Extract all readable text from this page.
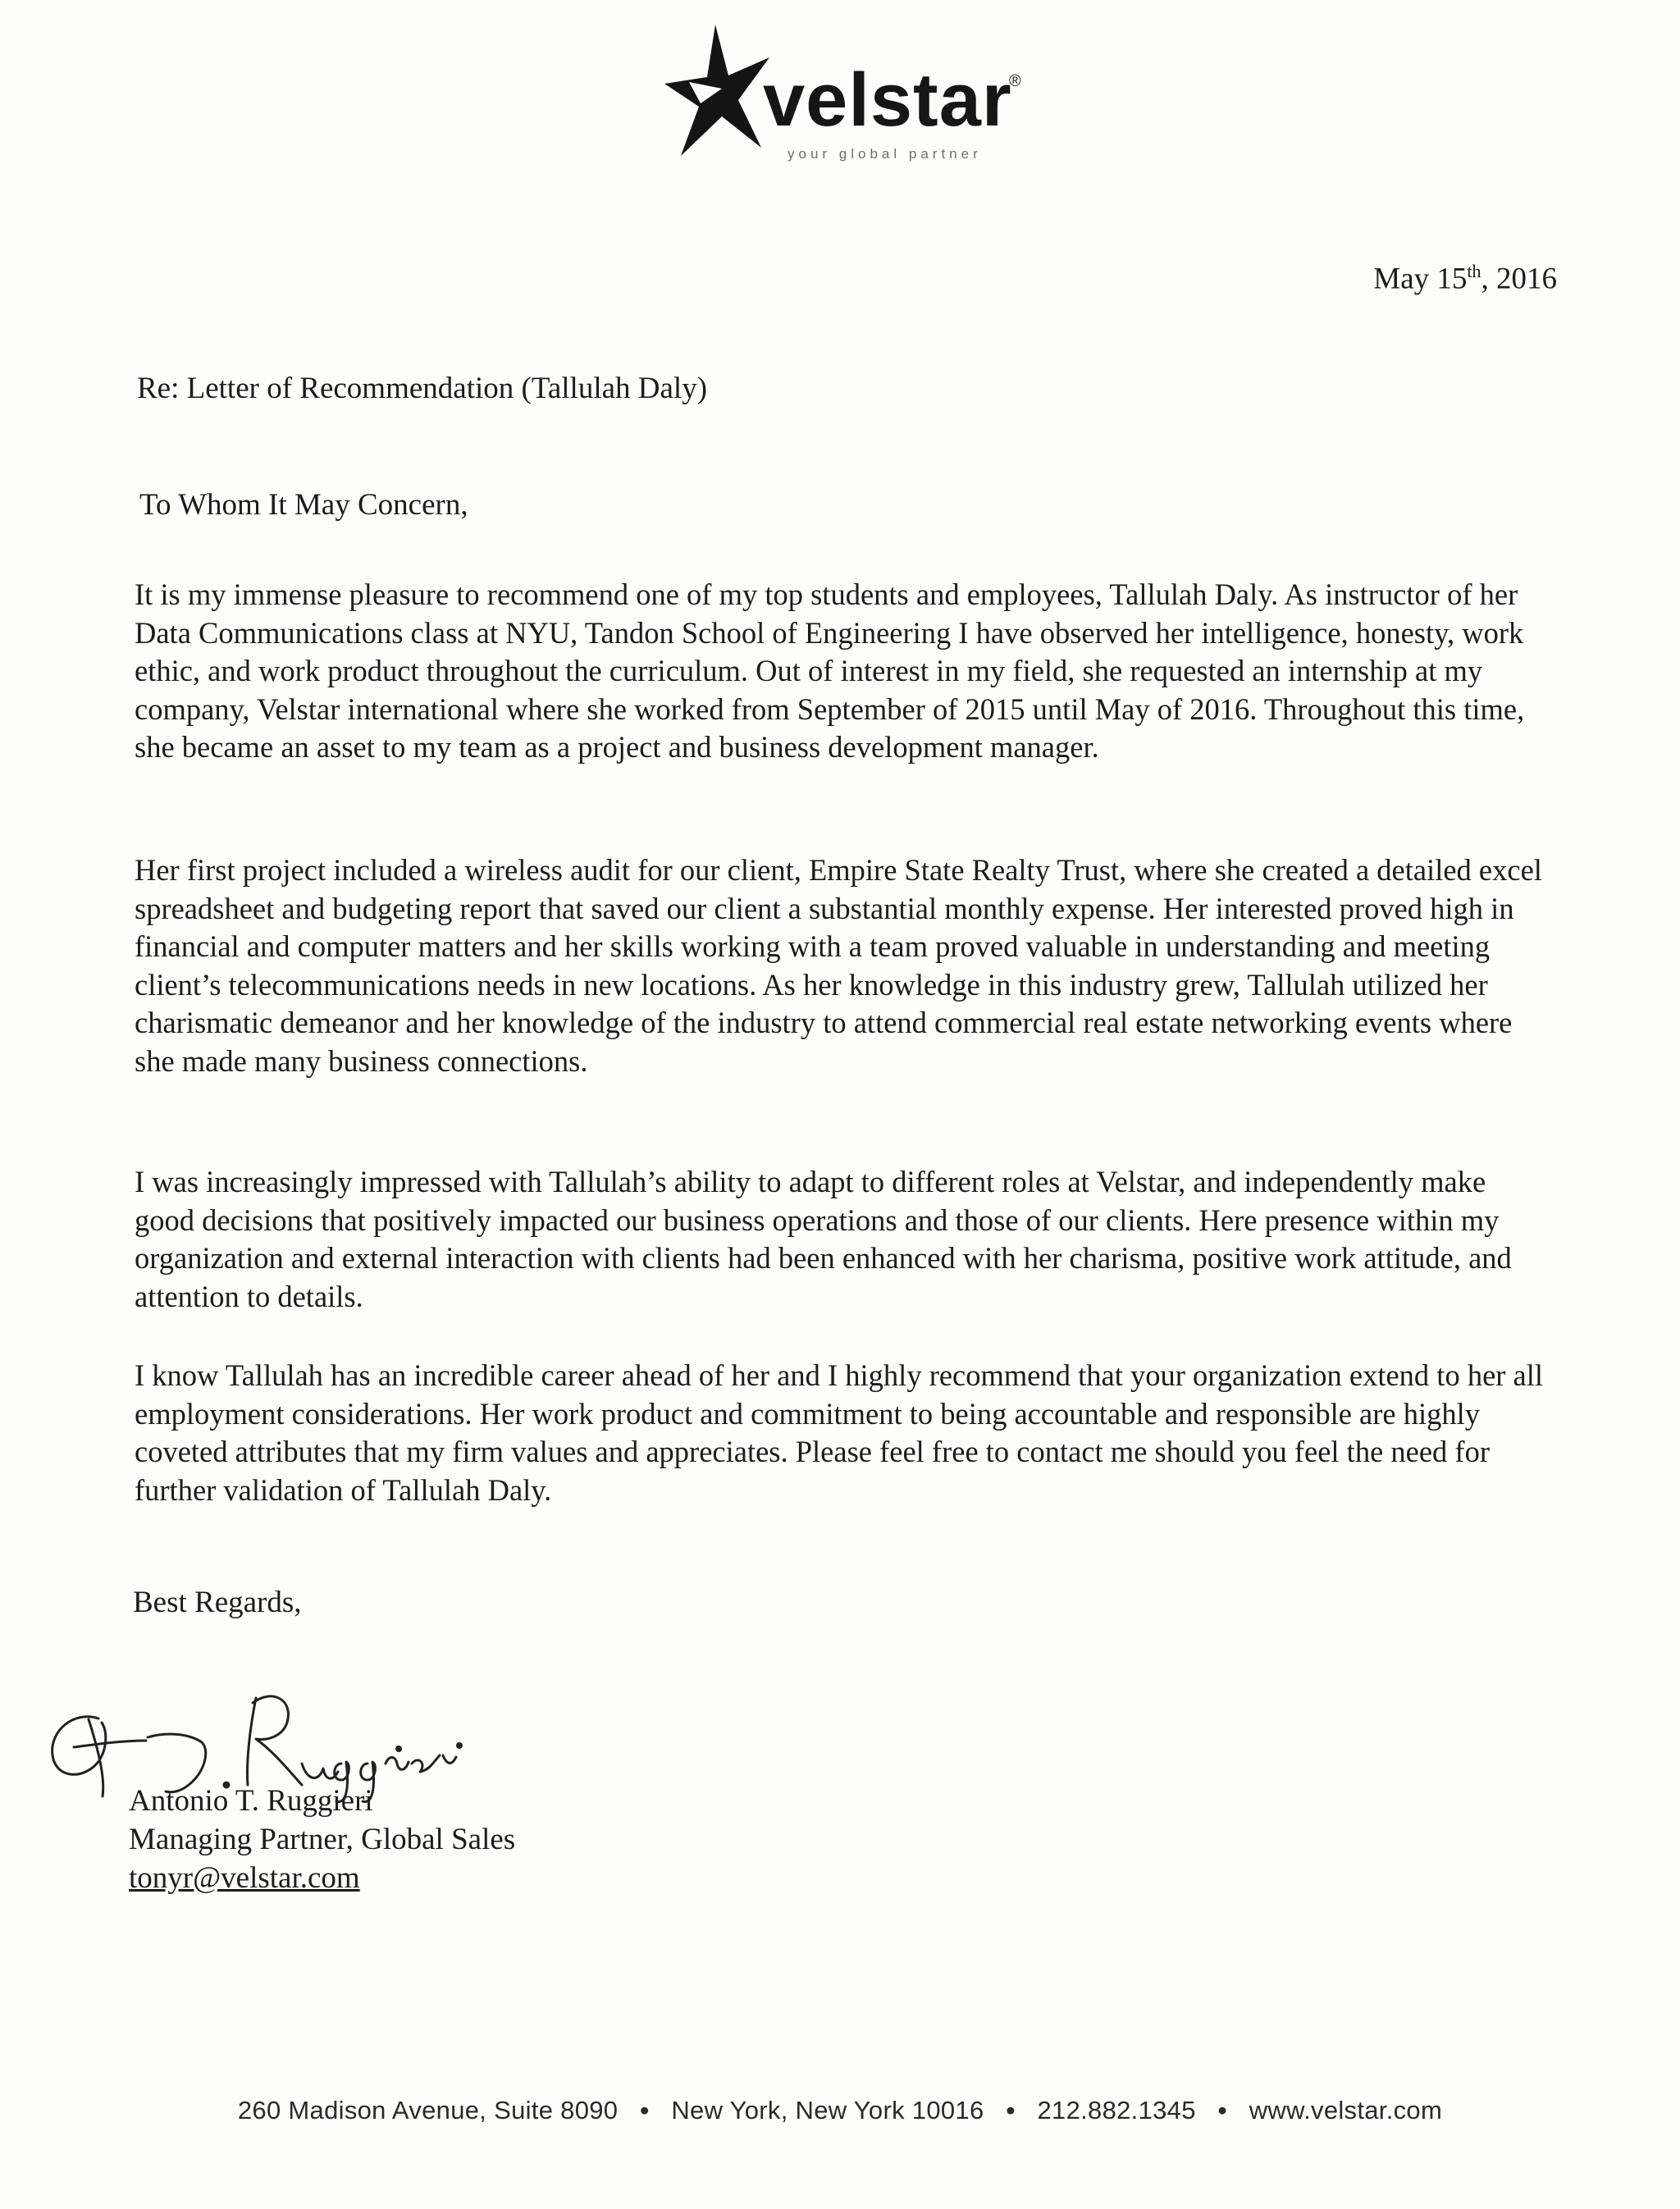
velstar
®
your global partner
May 15th, 2016
Re: Letter of Recommendation (Tallulah Daly)
To Whom It May Concern,

It is my immense pleasure to recommend one of my top students and employees, Tallulah Daly. As instructor of her Data Communications class at NYU, Tandon School of Engineering I have observed her intelligence, honesty, work ethic, and work product throughout the curriculum. Out of interest in my field, she requested an internship at my company, Velstar international where she worked from September of 2015 until May of 2016. Throughout this time, she became an asset to my team as a project and business development manager.

Her first project included a wireless audit for our client, Empire State Realty Trust, where she created a detailed excel spreadsheet and budgeting report that saved our client a substantial monthly expense. Her interested proved high in financial and computer matters and her skills working with a team proved valuable in understanding and meeting client’s telecommunications needs in new locations. As her knowledge in this industry grew, Tallulah utilized her charismatic demeanor and her knowledge of the industry to attend commercial real estate networking events where she made many business connections.

I was increasingly impressed with Tallulah’s ability to adapt to different roles at Velstar, and independently make good decisions that positively impacted our business operations and those of our clients. Here presence within my organization and external interaction with clients had been enhanced with her charisma, positive work attitude, and attention to details.

I know Tallulah has an incredible career ahead of her and I highly recommend that your organization extend to her all employment considerations. Her work product and commitment to being accountable and responsible are highly coveted attributes that my firm values and appreciates. Please feel free to contact me should you feel the need for further validation of Tallulah Daly.

Best Regards,
Antonio T. Ruggieri
Managing Partner, Global Sales
tonyr@velstar.com
260 Madison Avenue, Suite 8090 • New York, New York 10016 • 212.882.1345 • www.velstar.com
